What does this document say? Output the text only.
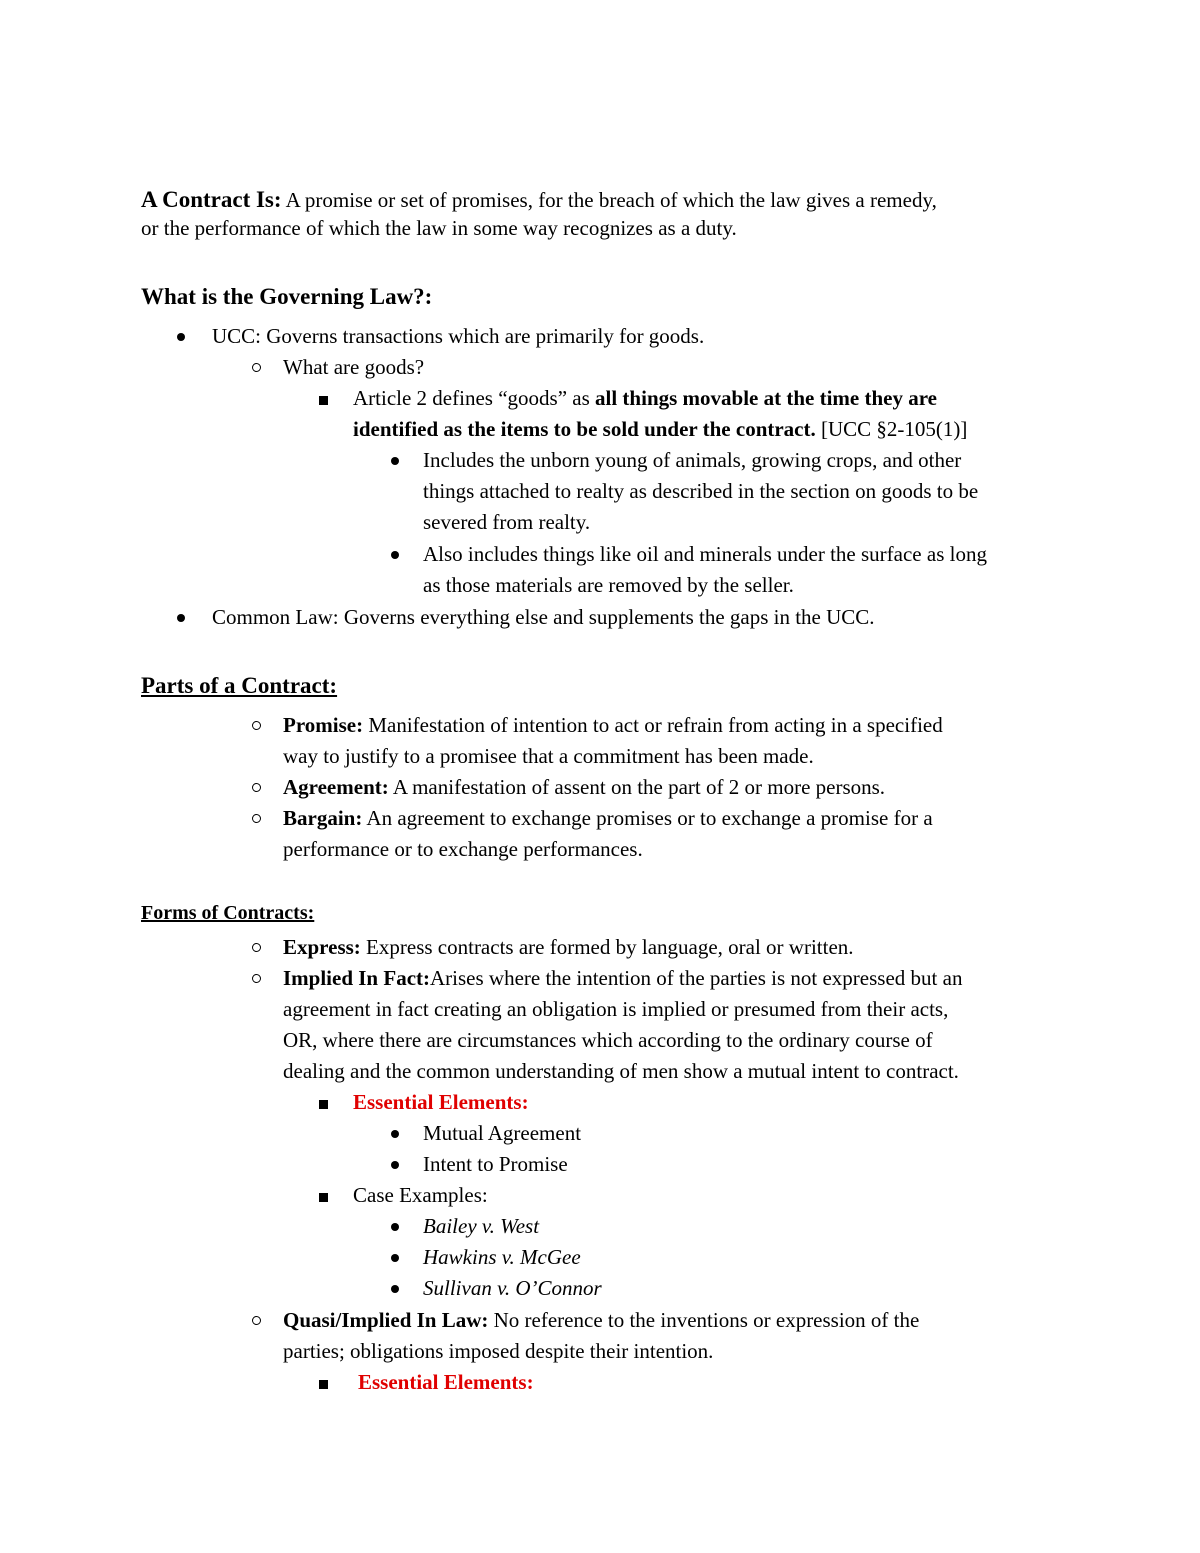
A Contract Is: A promise or set of promises, for the breach of which the law gives a remedy,
or the performance of which the law in some way recognizes as a duty.
What is the Governing Law?:
UCC: Governs transactions which are primarily for goods.
What are goods?
Article 2 defines “goods” as all things movable at the time they are
identified as the items to be sold under the contract. [UCC §2-105(1)]
Includes the unborn young of animals, growing crops, and other
things attached to realty as described in the section on goods to be
severed from realty.
Also includes things like oil and minerals under the surface as long
as those materials are removed by the seller.
Common Law: Governs everything else and supplements the gaps in the UCC.
Parts of a Contract:
Promise: Manifestation of intention to act or refrain from acting in a specified
way to justify to a promisee that a commitment has been made.
Agreement: A manifestation of assent on the part of 2 or more persons.
Bargain: An agreement to exchange promises or to exchange a promise for a
performance or to exchange performances.
Forms of Contracts:
Express: Express contracts are formed by language, oral or written.
Implied In Fact:Arises where the intention of the parties is not expressed but an
agreement in fact creating an obligation is implied or presumed from their acts,
OR, where there are circumstances which according to the ordinary course of
dealing and the common understanding of men show a mutual intent to contract.
Essential Elements:
Mutual Agreement
Intent to Promise
Case Examples:
Bailey v. West
Hawkins v. McGee
Sullivan v. O’Connor
Quasi/Implied In Law: No reference to the inventions or expression of the
parties; obligations imposed despite their intention.
Essential Elements:
